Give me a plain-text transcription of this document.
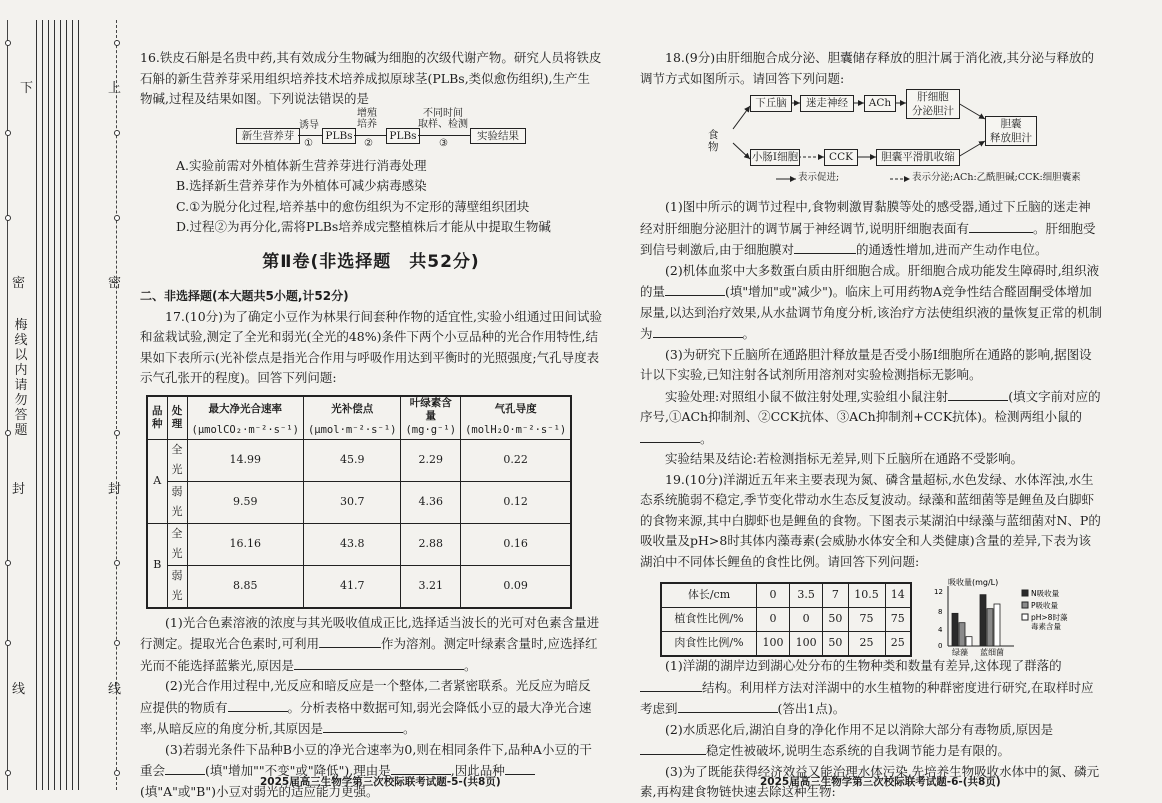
下	上
密
封
线
密
封
线
梅线以内请勿答题

16.铁皮石斛是名贵中药,其有效成分生物碱为细胞的次级代谢产物。研究人员将铁皮石斛的新生营养芽采用组织培养技术培养成拟原球茎(PLBs,类似愈伤组织),生产生物碱,过程及结果如图。下列说法错误的是

新生营养芽
诱导
①
PLBs
增殖
培养
②
PLBs
不同时间
取样、检测
③
实验结果

A.实验前需对外植体新生营养芽进行消毒处理

B.选择新生营养芽作为外植体可减少病毒感染

C.①为脱分化过程,培养基中的愈伤组织为不定形的薄壁组织团块

D.过程②为再分化,需将PLBs培养成完整植株后才能从中提取生物碱

第Ⅱ卷(非选择题　共52分)

二、非选择题(本大题共5小题,计52分)

17.(10分)为了确定小豆作为林果行间套种作物的适宜性,实验小组通过田间试验和盆栽试验,测定了全光和弱光(全光的48%)条件下两个小豆品种的光合作用特性,结果如下表所示(光补偿点是指光合作用与呼吸作用达到平衡时的光照强度;气孔导度表示气孔张开的程度)。回答下列问题:

品种	处理	最大净光合速率	光补偿点	叶绿素含量	气孔导度
		(μmolCO₂·m⁻²·s⁻¹)	(μmol·m⁻²·s⁻¹)	(mg·g⁻¹)	(molH₂O·m⁻²·s⁻¹)
A	全光	14.99	45.9	2.29	0.22
	弱光	9.59	30.7	4.36	0.12
B	全光	16.16	43.8	2.88	0.16
	弱光	8.85	41.7	3.21	0.09

(1)光合色素溶液的浓度与其光吸收值成正比,选择适当波长的光可对色素含量进行测定。提取光合色素时,可利用	作为溶剂。测定叶绿素含量时,应选择红光而不能选择蓝紫光,原因是	。

(2)光合作用过程中,光反应和暗反应是一个整体,二者紧密联系。光反应为暗反应提供的物质有	。分析表格中数据可知,弱光会降低小豆的最大净光合速率,从暗反应的角度分析,其原因是	。

(3)若弱光条件下品种B小豆的净光合速率为0,则在相同条件下,品种A小豆的干重会	(填"增加""不变"或"降低"),理由是	,因此品种(填"A"或"B")小豆对弱光的适应能力更强。

2025届高三生物学第三次校际联考试题-5-(共8页)

18.(9分)由肝细胞合成分泌、胆囊储存释放的胆汁属于消化液,其分泌与释放的调节方式如图所示。请回答下列问题:

食物
下丘脑	迷走神经	ACh	肝细胞
分泌胆汁
胆囊
释放胆汁
小肠Ⅰ细胞	CCK	胆囊平滑肌收缩
表示促进;	表示分泌;ACh:乙酰胆碱;CCK:细胆囊素

(1)图中所示的调节过程中,食物刺激胃黏膜等处的感受器,通过下丘脑的迷走神经对肝细胞分泌胆汁的调节属于神经调节,说明肝细胞表面有	。肝细胞受到信号刺激后,由于细胞膜对	的通透性增加,进而产生动作电位。

(2)机体血浆中大多数蛋白质由肝细胞合成。肝细胞合成功能发生障碍时,组织液的量	(填"增加"或"减少")。临床上可用药物A竞争性结合醛固酮受体增加尿量,以达到治疗效果,从水盐调节角度分析,该治疗方法使组织液的量恢复正常的机制为	。

(3)为研究下丘脑所在通路胆汁释放量是否受小肠Ⅰ细胞所在通路的影响,据图设计以下实验,已知注射各试剂所用溶剂对实验检测指标无影响。

实验处理:对照组小鼠不做注射处理,实验组小鼠注射	(填文字前对应的序号,①ACh抑制剂、②CCK抗体、③ACh抑制剂+CCK抗体)。检测两组小鼠的。

实验结果及结论:若检测指标无差异,则下丘脑所在通路不受影响。

19.(10分)洋湖近五年来主要表现为氮、磷含量超标,水色发绿、水体浑浊,水生态系统脆弱不稳定,季节变化带动水生态反复波动。绿藻和蓝细菌等是鲤鱼及白脚虾的食物来源,其中白脚虾也是鲤鱼的食物。下图表示某湖泊中绿藻与蓝细菌对N、P的吸收量及pH>8时其体内藻毒素(会威胁水体安全和人类健康)含量的差异,下表为该湖泊中不同体长鲤鱼的食性比例。请回答下列问题:

体长/cm	0	3.5	7	10.5	14
植食性比例/%	0	0	50	75	75
肉食性比例/%	100	100	50	25	25
吸收量(mg/L)
12
8
4
0
绿藻 蓝细菌
N吸收量
P吸收量
pH>8时藻
毒素含量

(1)洋湖的湖岸边到湖心处分布的生物种类和数量有差异,这体现了群落的结构。利用样方法对洋湖中的水生植物的种群密度进行研究,在取样时应考虑到	(答出1点)。

(2)水质恶化后,湖泊自身的净化作用不足以消除大部分有毒物质,原因是稳定性被破坏,说明生态系统的自我调节能力是有限的。

(3)为了既能获得经济效益又能治理水体污染,先培养生物吸收水体中的氮、磷元素,再构建食物链快速去除这种生物:

2025届高三生物学第三次校际联考试题-6-(共8页)
